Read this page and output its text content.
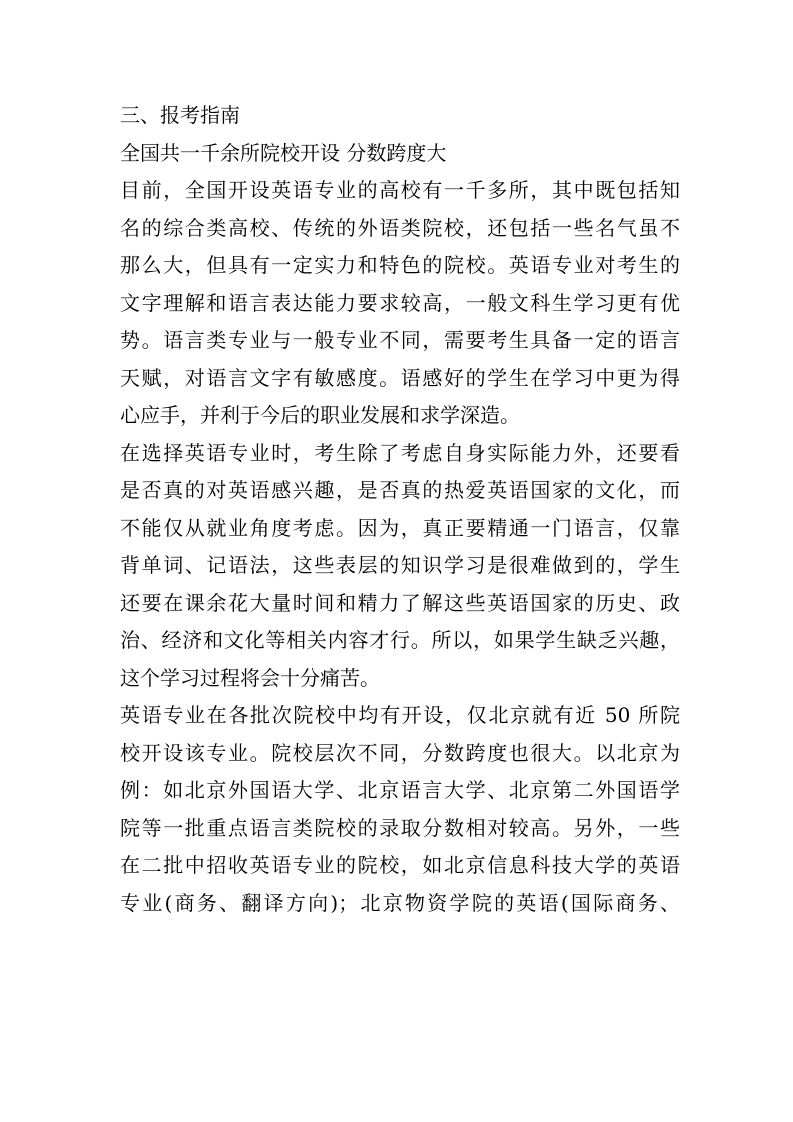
三、报考指南
全国共一千余所院校开设 分数跨度大
目前，全国开设英语专业的高校有一千多所，其中既包括知
名的综合类高校、传统的外语类院校，还包括一些名气虽不
那么大，但具有一定实力和特色的院校。英语专业对考生的
文字理解和语言表达能力要求较高，一般文科生学习更有优
势。语言类专业与一般专业不同，需要考生具备一定的语言
天赋，对语言文字有敏感度。语感好的学生在学习中更为得
心应手，并利于今后的职业发展和求学深造。
在选择英语专业时，考生除了考虑自身实际能力外，还要看
是否真的对英语感兴趣，是否真的热爱英语国家的文化，而
不能仅从就业角度考虑。因为，真正要精通一门语言，仅靠
背单词、记语法，这些表层的知识学习是很难做到的，学生
还要在课余花大量时间和精力了解这些英语国家的历史、政
治、经济和文化等相关内容才行。所以，如果学生缺乏兴趣，
这个学习过程将会十分痛苦。
英语专业在各批次院校中均有开设，仅北京就有近 50 所院
校开设该专业。院校层次不同，分数跨度也很大。以北京为
例：如北京外国语大学、北京语言大学、北京第二外国语学
院等一批重点语言类院校的录取分数相对较高。另外，一些
在二批中招收英语专业的院校，如北京信息科技大学的英语
专业(商务、翻译方向)；北京物资学院的英语(国际商务、
